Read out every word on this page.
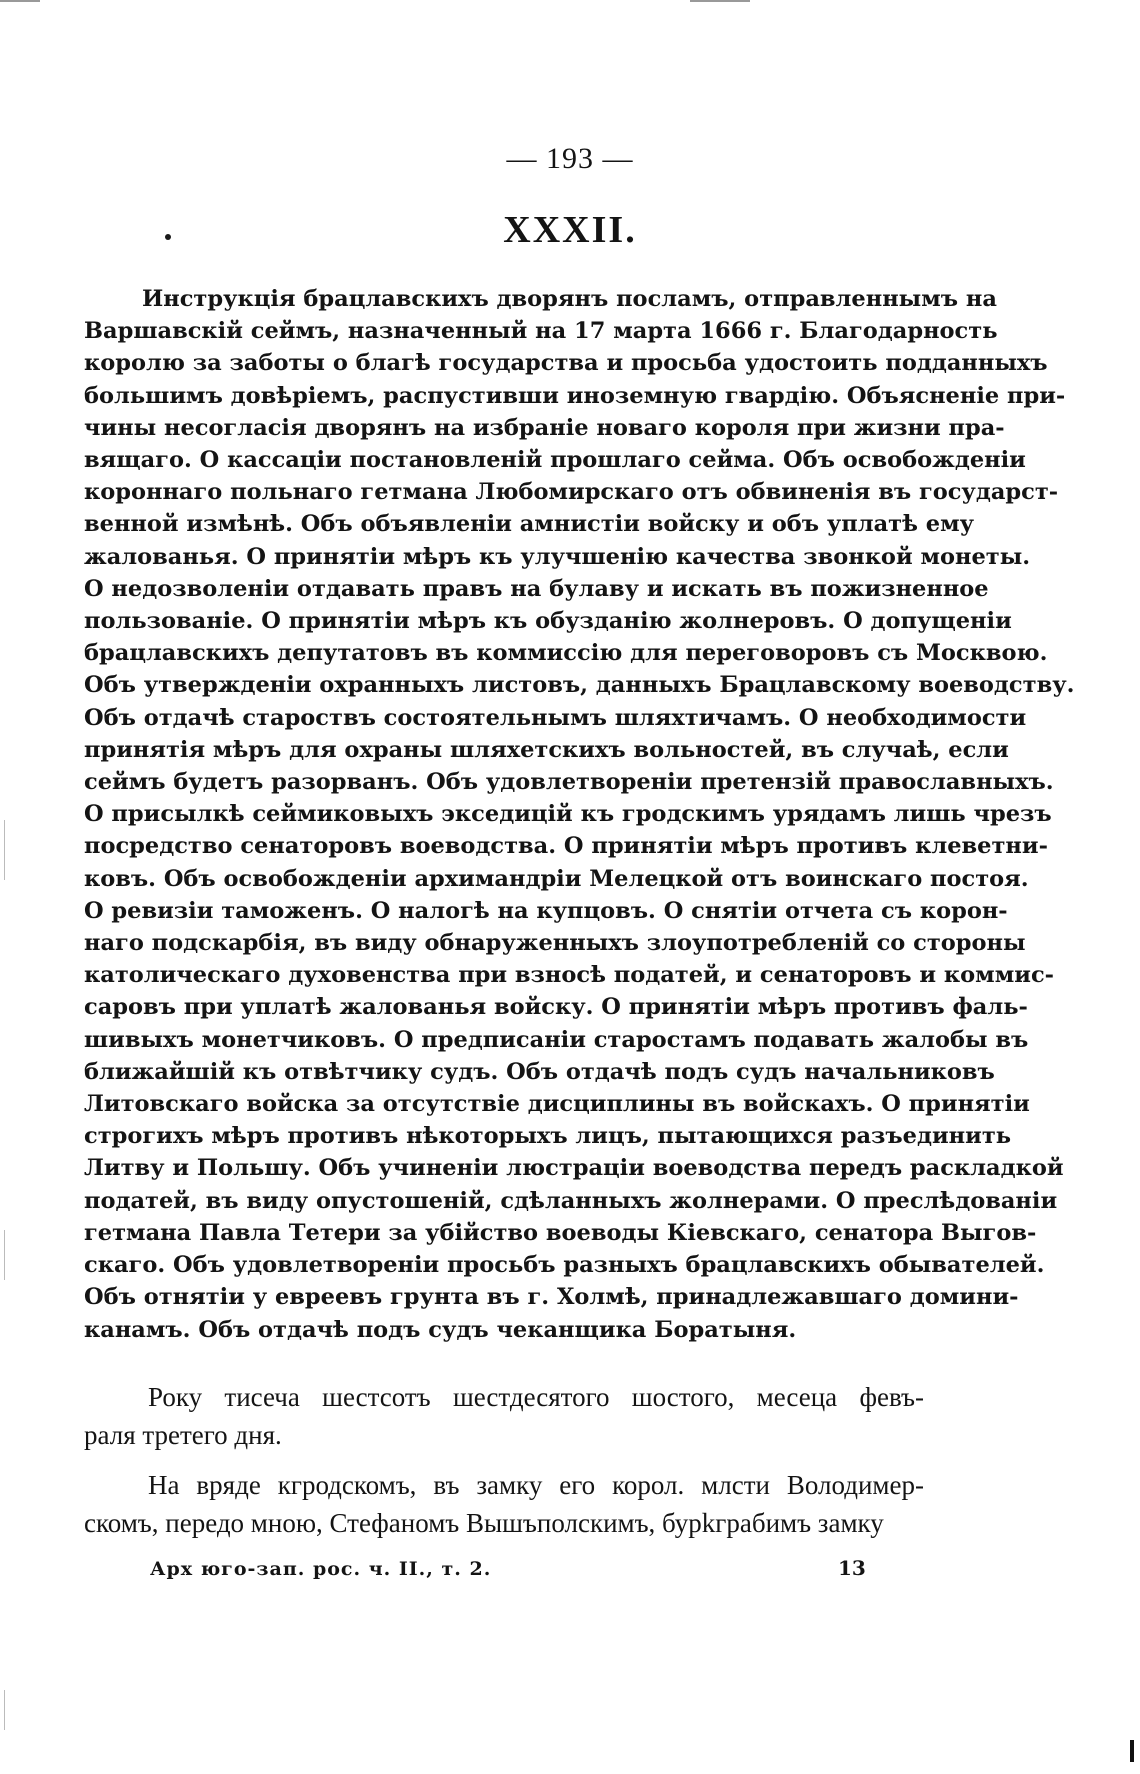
— 193 —
XXXII.
Инструкція брацлавскихъ дворянъ посламъ, отправленнымъ на
Варшавскій сеймъ, назначенный на 17 марта 1666 г. Благодарность
королю за заботы о благѣ государства и просьба удостоить подданныхъ
большимъ довѣріемъ, распустивши иноземную гвардію. Объясненіе при-
чины несогласія дворянъ на избраніе новаго короля при жизни пра-
вящаго. О кассаціи постановленій прошлаго сейма. Объ освобожденіи
короннаго польнаго гетмана Любомирскаго отъ обвиненія въ государст-
венной измѣнѣ. Объ объявленіи амнистіи войску и объ уплатѣ ему
жалованья. О принятіи мѣръ къ улучшенію качества звонкой монеты.
О недозволеніи отдавать правъ на булаву и искать въ пожизненное
пользованіе. О принятіи мѣръ къ обузданію жолнеровъ. О допущеніи
брацлавскихъ депутатовъ въ коммиссію для переговоровъ съ Москвою.
Объ утвержденіи охранныхъ листовъ, данныхъ Брацлавскому воеводству.
Объ отдачѣ староствъ состоятельнымъ шляхтичамъ. О необходимости
принятія мѣръ для охраны шляхетскихъ вольностей, въ случаѣ, если
сеймъ будетъ разорванъ. Объ удовлетвореніи претензій православныхъ.
О присылкѣ сеймиковыхъ экседицій къ гродскимъ урядамъ лишь чрезъ
посредство сенаторовъ воеводства. О принятіи мѣръ противъ клеветни-
ковъ. Объ освобожденіи архимандріи Мелецкой отъ воинскаго постоя.
О ревизіи таможенъ. О налогѣ на купцовъ. О снятіи отчета съ корон-
наго подскарбія, въ виду обнаруженныхъ злоупотребленій со стороны
католическаго духовенства при взносѣ податей, и сенаторовъ и коммис-
саровъ при уплатѣ жалованья войску. О принятіи мѣръ противъ фаль-
шивыхъ монетчиковъ. О предписаніи старостамъ подавать жалобы въ
ближайшій къ отвѣтчику судъ. Объ отдачѣ подъ судъ начальниковъ
Литовскаго войска за отсутствіе дисциплины въ войскахъ. О принятіи
строгихъ мѣръ противъ нѣкоторыхъ лицъ, пытающихся разъединить
Литву и Польшу. Объ учиненіи люстраціи воеводства передъ раскладкой
податей, въ виду опустошеній, сдѣланныхъ жолнерами. О преслѣдованіи
гетмана Павла Тетери за убійство воеводы Кіевскаго, сенатора Выгов-
скаго. Объ удовлетвореніи просьбъ разныхъ брацлавскихъ обывателей.
Объ отнятіи у евреевъ грунта въ г. Холмѣ, принадлежавшаго домини-
канамъ. Объ отдачѣ подъ судъ чеканщика Боратыня.
Року тисеча шестсотъ шестдесятого шостого, месеца февъ-
раля третего дня.
На вряде кгродскомъ, въ замку его корол. млсти Володимер-
скомъ, передо мною, Стефаномъ Вышъполскимъ, бурkграбимъ замку
Арх юго-зап. рос. ч. II., т. 2.	13
